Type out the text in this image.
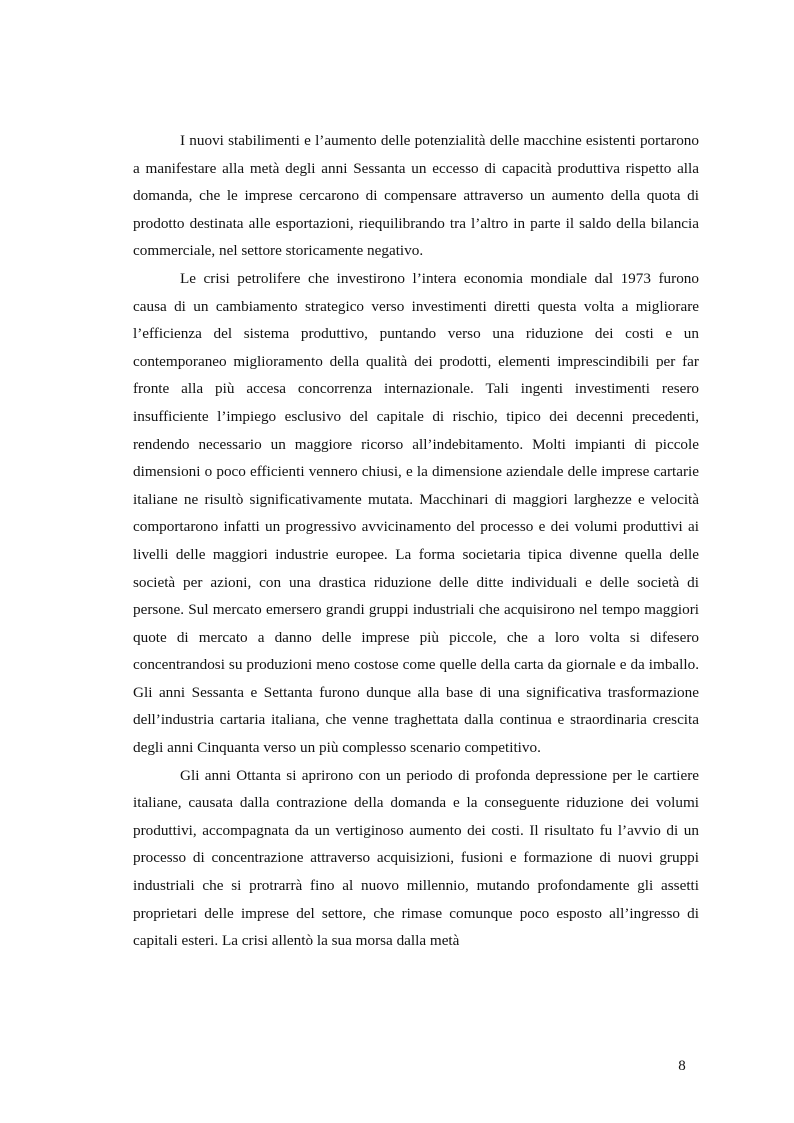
I nuovi stabilimenti e l’aumento delle potenzialità delle macchine esistenti portarono a manifestare alla metà degli anni Sessanta un eccesso di capacità produttiva rispetto alla domanda, che le imprese cercarono di compensare attraverso un aumento della quota di prodotto destinata alle esportazioni, riequilibrando tra l’altro in parte il saldo della bilancia commerciale, nel settore storicamente negativo.

Le crisi petrolifere che investirono l’intera economia mondiale dal 1973 furono causa di un cambiamento strategico verso investimenti diretti questa volta a migliorare l’efficienza del sistema produttivo, puntando verso una riduzione dei costi e un contemporaneo miglioramento della qualità dei prodotti, elementi imprescindibili per far fronte alla più accesa concorrenza internazionale. Tali ingenti investimenti resero insufficiente l’impiego esclusivo del capitale di rischio, tipico dei decenni precedenti, rendendo necessario un maggiore ricorso all’indebitamento. Molti impianti di piccole dimensioni o poco efficienti vennero chiusi, e la dimensione aziendale delle imprese cartarie italiane ne risultò significativamente mutata. Macchinari di maggiori larghezze e velocità comportarono infatti un progressivo avvicinamento del processo e dei volumi produttivi ai livelli delle maggiori industrie europee. La forma societaria tipica divenne quella delle società per azioni, con una drastica riduzione delle ditte individuali e delle società di persone. Sul mercato emersero grandi gruppi industriali che acquisirono nel tempo maggiori quote di mercato a danno delle imprese più piccole, che a loro volta si difesero concentrandosi su produzioni meno costose come quelle della carta da giornale e da imballo. Gli anni Sessanta e Settanta furono dunque alla base di una significativa trasformazione dell’industria cartaria italiana, che venne traghettata dalla continua e straordinaria crescita degli anni Cinquanta verso un più complesso scenario competitivo.

Gli anni Ottanta si aprirono con un periodo di profonda depressione per le cartiere italiane, causata dalla contrazione della domanda e la conseguente riduzione dei volumi produttivi, accompagnata da un vertiginoso aumento dei costi. Il risultato fu l’avvio di un processo di concentrazione attraverso acquisizioni, fusioni e formazione di nuovi gruppi industriali che si protrarrà fino al nuovo millennio, mutando profondamente gli assetti proprietari delle imprese del settore, che rimase comunque poco esposto all’ingresso di capitali esteri. La crisi allentò la sua morsa dalla metà

8
